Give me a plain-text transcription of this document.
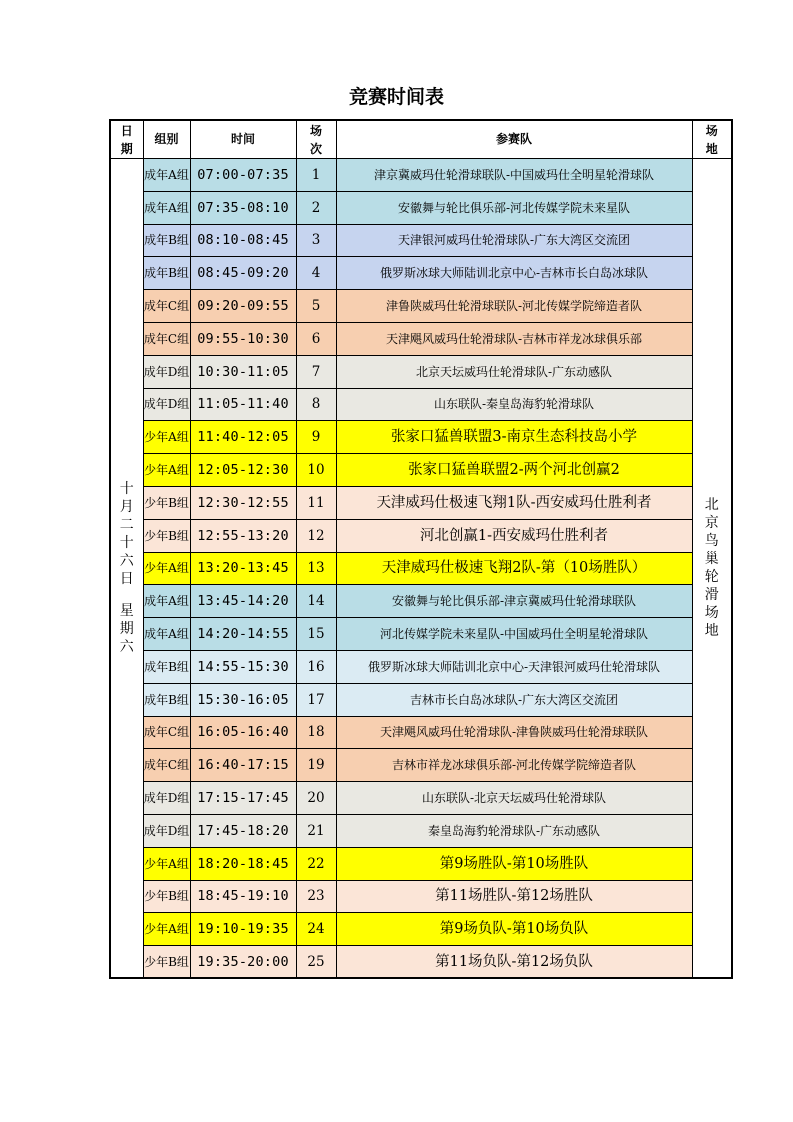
竞赛时间表
日期	组别	时间	场次	参赛队	场地
十月二十六日
星期六	成年A组	07:00-07:35	1	津京冀威玛仕轮滑球联队-中国威玛仕全明星轮滑球队	北京鸟巢轮滑场地
	成年A组	07:35-08:10	2	安徽舞与轮比俱乐部-河北传媒学院未来星队	
	成年B组	08:10-08:45	3	天津银河威玛仕轮滑球队-广东大湾区交流团	
	成年B组	08:45-09:20	4	俄罗斯冰球大师陆训北京中心-吉林市长白岛冰球队	
	成年C组	09:20-09:55	5	津鲁陕威玛仕轮滑球联队-河北传媒学院缔造者队	
	成年C组	09:55-10:30	6	天津飓风威玛仕轮滑球队-吉林市祥龙冰球俱乐部	
	成年D组	10:30-11:05	7	北京天坛威玛仕轮滑球队-广东动感队	
	成年D组	11:05-11:40	8	山东联队-秦皇岛海豹轮滑球队	
	少年A组	11:40-12:05	9	张家口猛兽联盟3-南京生态科技岛小学	
	少年A组	12:05-12:30	10	张家口猛兽联盟2-两个河北创赢2	
	少年B组	12:30-12:55	11	天津威玛仕极速飞翔1队-西安威玛仕胜利者	
	少年B组	12:55-13:20	12	河北创赢1-西安威玛仕胜利者	
	少年A组	13:20-13:45	13	天津威玛仕极速飞翔2队-第（10场胜队）	
	成年A组	13:45-14:20	14	安徽舞与轮比俱乐部-津京冀威玛仕轮滑球联队	
	成年A组	14:20-14:55	15	河北传媒学院未来星队-中国威玛仕全明星轮滑球队	
	成年B组	14:55-15:30	16	俄罗斯冰球大师陆训北京中心-天津银河威玛仕轮滑球队	
	成年B组	15:30-16:05	17	吉林市长白岛冰球队-广东大湾区交流团	
	成年C组	16:05-16:40	18	天津飓风威玛仕轮滑球队-津鲁陕威玛仕轮滑球联队	
	成年C组	16:40-17:15	19	吉林市祥龙冰球俱乐部-河北传媒学院缔造者队	
	成年D组	17:15-17:45	20	山东联队-北京天坛威玛仕轮滑球队	
	成年D组	17:45-18:20	21	秦皇岛海豹轮滑球队-广东动感队	
	少年A组	18:20-18:45	22	第9场胜队-第10场胜队	
	少年B组	18:45-19:10	23	第11场胜队-第12场胜队	
	少年A组	19:10-19:35	24	第9场负队-第10场负队	
	少年B组	19:35-20:00	25	第11场负队-第12场负队	
